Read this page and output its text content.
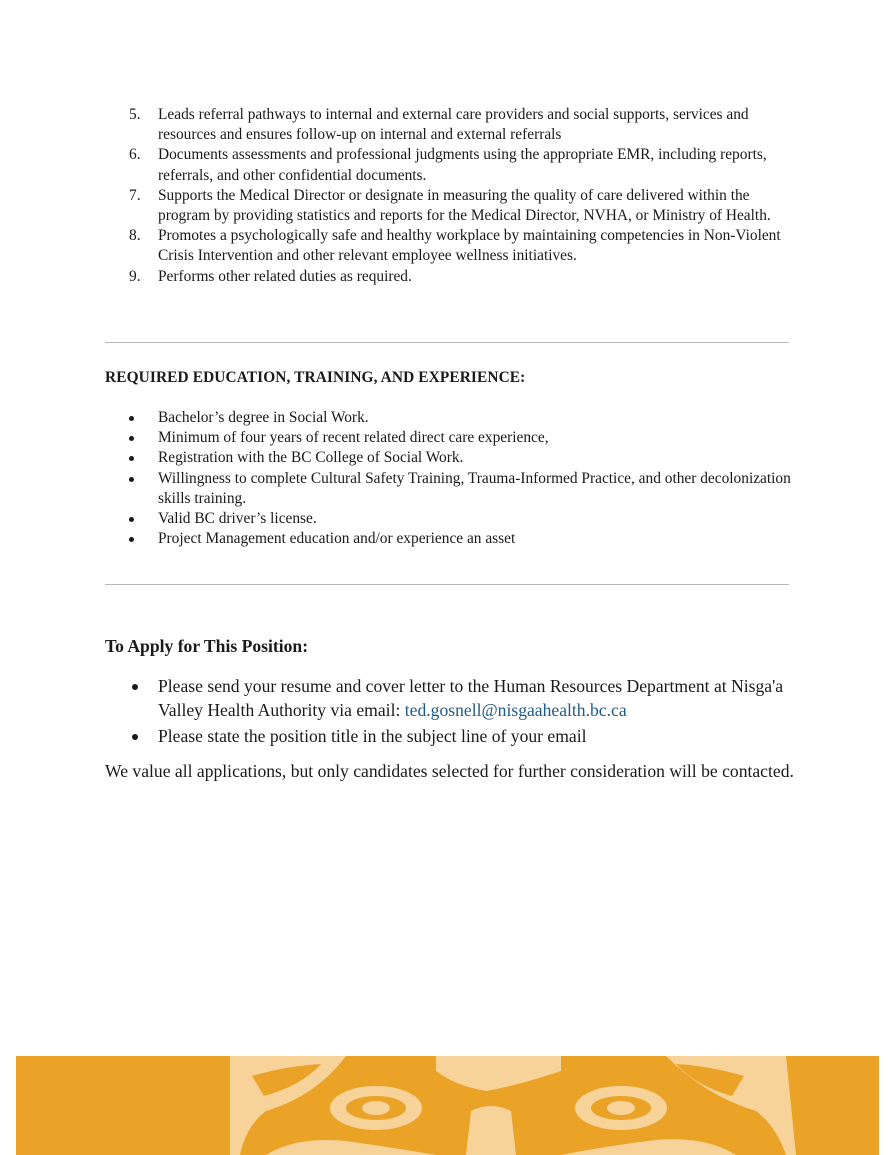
5.	Leads referral pathways to internal and external care providers and social supports, services and resources and ensures follow-up on internal and external referrals
6.	Documents assessments and professional judgments using the appropriate EMR, including reports, referrals, and other confidential documents.
7.	Supports the Medical Director or designate in measuring the quality of care delivered within the program by providing statistics and reports for the Medical Director, NVHA, or Ministry of Health.
8.	Promotes a psychologically safe and healthy workplace by maintaining competencies in Non-Violent Crisis Intervention and other relevant employee wellness initiatives.
9.	Performs other related duties as required.
REQUIRED EDUCATION, TRAINING, AND EXPERIENCE:
Bachelor’s degree in Social Work.
Minimum of four years of recent related direct care experience,
Registration with the BC College of Social Work.
Willingness to complete Cultural Safety Training, Trauma-Informed Practice, and other decolonization skills training.
Valid BC driver’s license.
Project Management education and/or experience an asset
To Apply for This Position:
Please send your resume and cover letter to the Human Resources Department at Nisga'a Valley Health Authority via email: ted.gosnell@nisgaahealth.bc.ca
Please state the position title in the subject line of your email

We value all applications, but only candidates selected for further consideration will be contacted.
